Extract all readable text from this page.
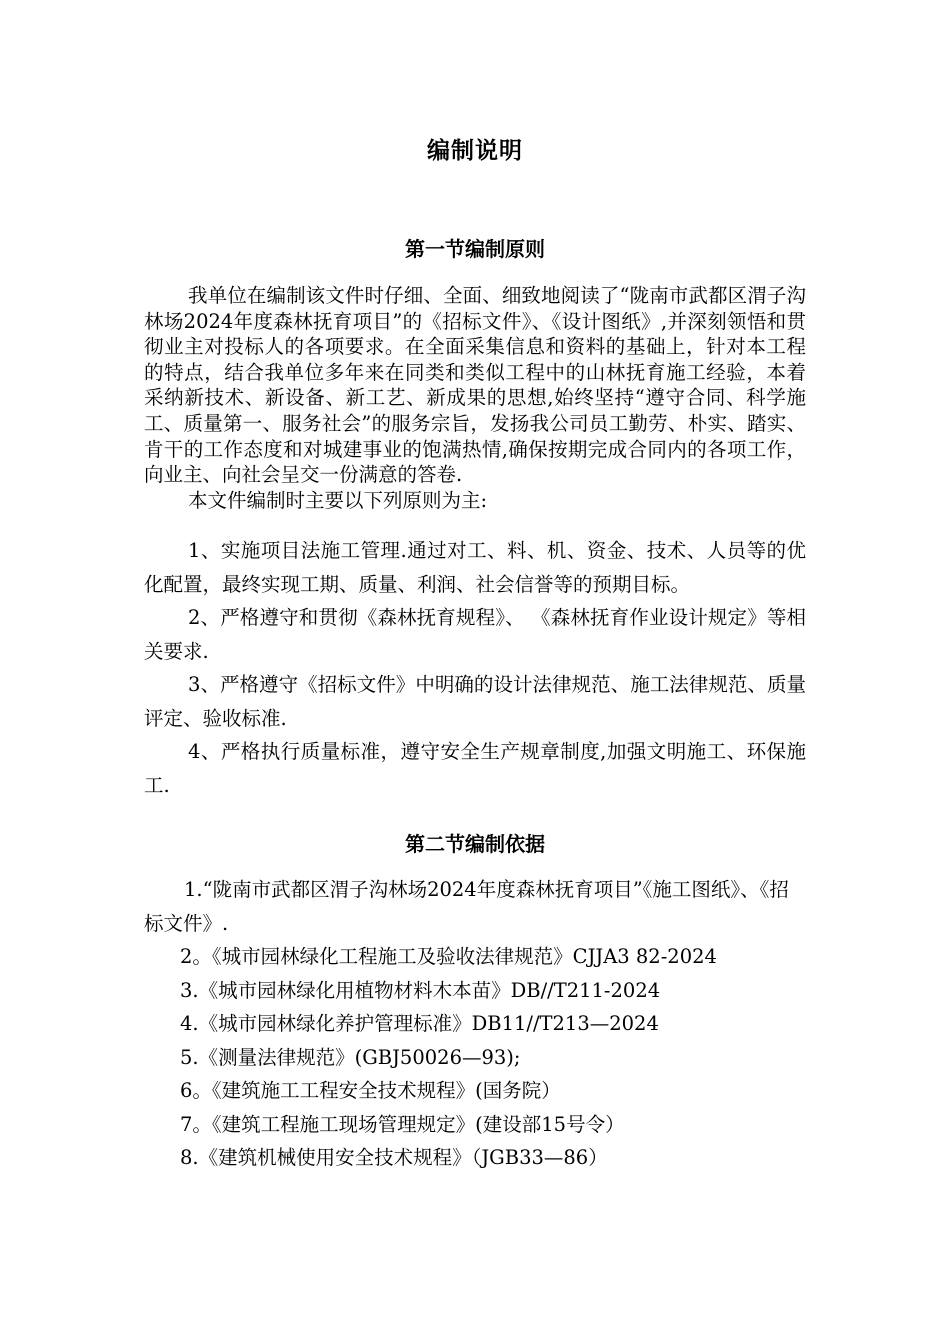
编制说明
第一节编制原则

我单位在编制该文件时仔细、全面、细致地阅读了“陇南市武都区渭子沟林场2024年度森林抚育项目”的《招标文件》、《设计图纸》,并深刻领悟和贯彻业主对投标人的各项要求。在全面采集信息和资料的基础上，针对本工程的特点，结合我单位多年来在同类和类似工程中的山林抚育施工经验，本着采纳新技术、新设备、新工艺、新成果的思想,始终坚持“遵守合同、科学施工、质量第一、服务社会”的服务宗旨，发扬我公司员工勤劳、朴实、踏实、肯干的工作态度和对城建事业的饱满热情,确保按期完成合同内的各项工作，向业主、向社会呈交一份满意的答卷.

本文件编制时主要以下列原则为主:

1、实施项目法施工管理.通过对工、料、机、资金、技术、人员等的优化配置，最终实现工期、质量、利润、社会信誉等的预期目标。

2、严格遵守和贯彻《森林抚育规程》、 《森林抚育作业设计规定》等相关要求.

3、严格遵守《招标文件》中明确的设计法律规范、施工法律规范、质量评定、验收标准.

4、严格执行质量标准，遵守安全生产规章制度,加强文明施工、环保施工.

第二节编制依据

1.“陇南市武都区渭子沟林场2024年度森林抚育项目”《施工图纸》、《招标文件》.

2。《城市园林绿化工程施工及验收法律规范》CJJA3 82-2024

3.《城市园林绿化用植物材料木本苗》DB//T211-2024

4.《城市园林绿化养护管理标准》DB11//T213—2024

5.《测量法律规范》(GBJ50026—93);

6。《建筑施工工程安全技术规程》(国务院）

7。《建筑工程施工现场管理规定》(建设部15号令）

8.《建筑机械使用安全技术规程》（JGB33—86）
